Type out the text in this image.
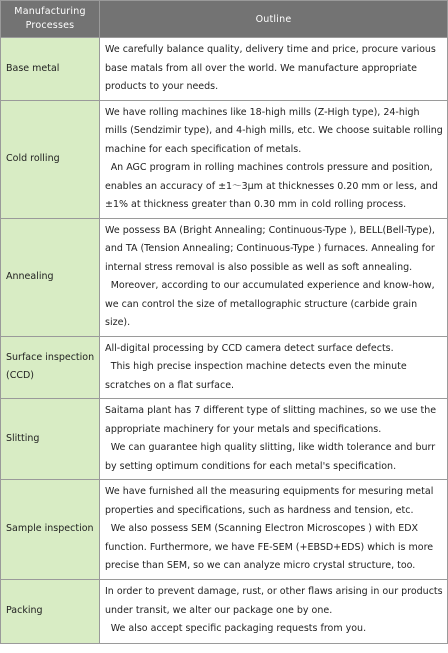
Manufacturing Processes	Outline
Base metal	We carefully balance quality, delivery time and price, procure various base matals from all over the world. We manufacture appropriate products to your needs.

Cold rolling	We have rolling machines like 18-high mills (Z-High type), 24-high mills (Sendzimir type), and 4-high mills, etc. We choose suitable rolling machine for each specification of metals.
An AGC program in rolling machines controls pressure and position, enables an accuracy of ±1〜3μm at thicknesses 0.20 mm or less, and ±1% at thickness greater than 0.30 mm in cold rolling process.

Annealing	We possess BA (Bright Annealing; Continuous-Type ), BELL(Bell-Type), and TA (Tension Annealing; Continuous-Type ) furnaces. Annealing for internal stress removal is also possible as well as soft annealing.
Moreover, according to our accumulated experience and know-how, we can control the size of metallographic structure (carbide grain size).

Surface inspection (CCD)	All-digital processing by CCD camera detect surface defects.
This high precise inspection machine detects even the minute scratches on a flat surface.

Slitting	Saitama plant has 7 different type of slitting machines, so we use the appropriate machinery for your metals and specifications.
We can guarantee high quality slitting, like width tolerance and burr by setting optimum conditions for each metal's specification.

Sample inspection	We have furnished all the measuring equipments for mesuring metal properties and specifications, such as hardness and tension, etc.
We also possess SEM (Scanning Electron Microscopes ) with EDX function. Furthermore, we have FE-SEM (+EBSD+EDS) which is more precise than SEM, so we can analyze micro crystal structure, too.

Packing	In order to prevent damage, rust, or other flaws arising in our products under transit, we alter our package one by one.
We also accept specific packaging requests from you.
